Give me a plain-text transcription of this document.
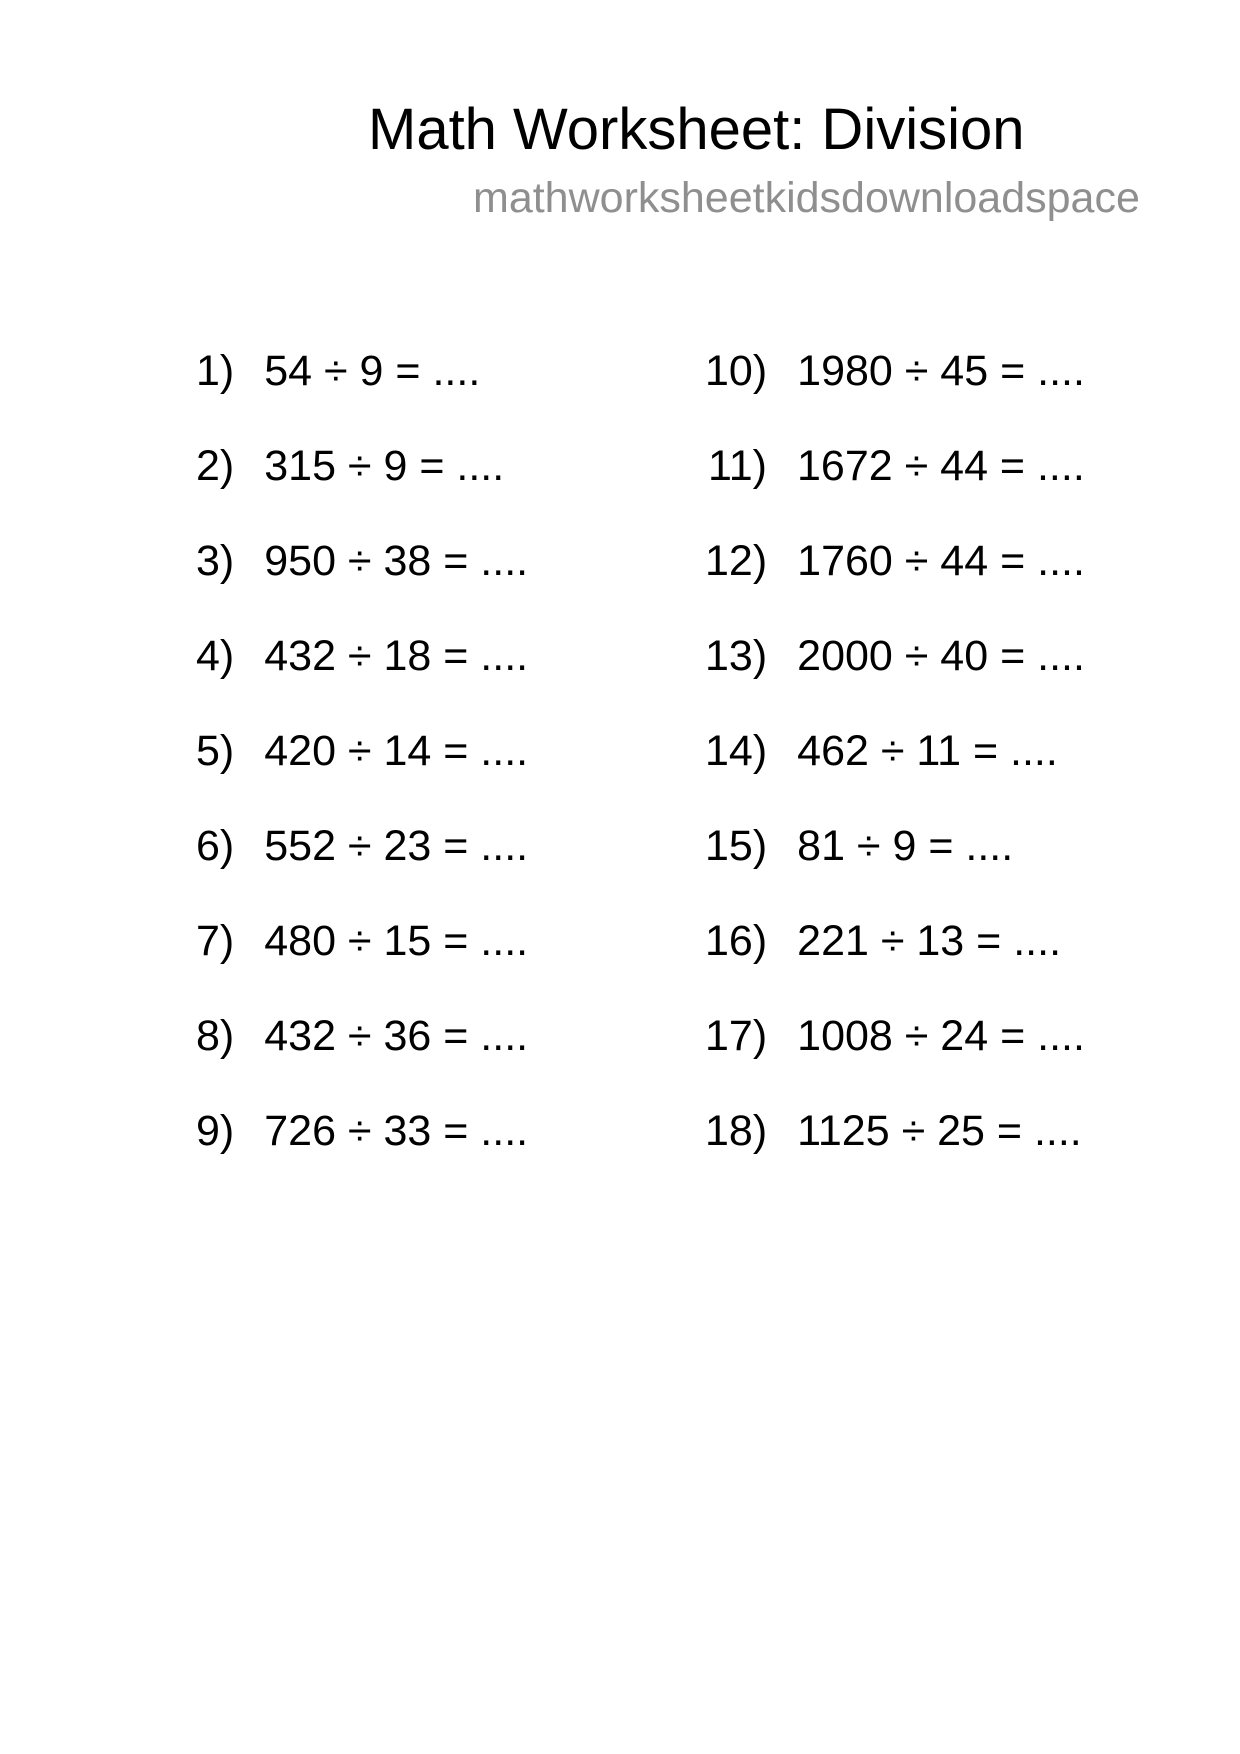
Math Worksheet: Division
mathworksheetkidsdownloadspace
1) 54 ÷ 9 = ....
2) 315 ÷ 9 = ....
3) 950 ÷ 38 = ....
4) 432 ÷ 18 = ....
5) 420 ÷ 14 = ....
6) 552 ÷ 23 = ....
7) 480 ÷ 15 = ....
8) 432 ÷ 36 = ....
9) 726 ÷ 33 = ....
10) 1980 ÷ 45 = ....
11) 1672 ÷ 44 = ....
12) 1760 ÷ 44 = ....
13) 2000 ÷ 40 = ....
14) 462 ÷ 11 = ....
15) 81 ÷ 9 = ....
16) 221 ÷ 13 = ....
17) 1008 ÷ 24 = ....
18) 1125 ÷ 25 = ....
